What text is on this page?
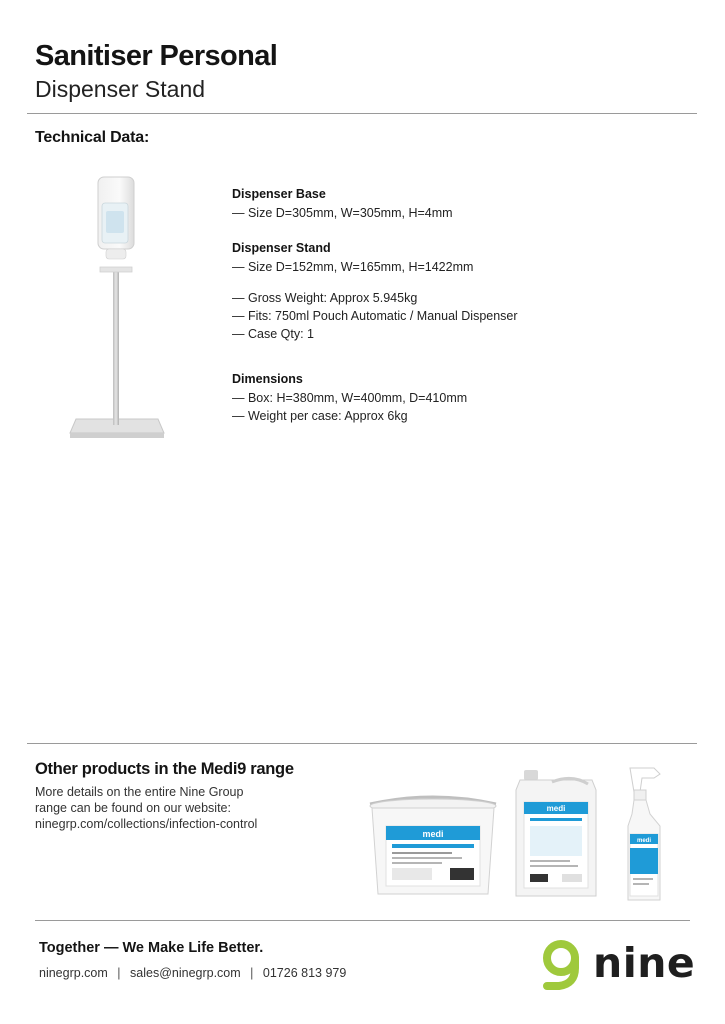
Sanitiser Personal
Dispenser Stand
Technical Data:
Dispenser Base
— Size D=305mm, W=305mm, H=4mm
Dispenser Stand
— Size D=152mm, W=165mm, H=1422mm
— Gross Weight: Approx 5.945kg
— Fits: 750ml Pouch Automatic / Manual Dispenser
— Case Qty: 1
Dimensions
— Box: H=380mm, W=400mm, D=410mm
— Weight per case: Approx 6kg
Other products in the Medi9 range
More details on the entire Nine Group
range can be found on our website:
ninegrp.com/collections/infection-control
medi
medi
medi
Together — We Make Life Better.
ninegrp.com | sales@ninegrp.com | 01726 813 979	nine
